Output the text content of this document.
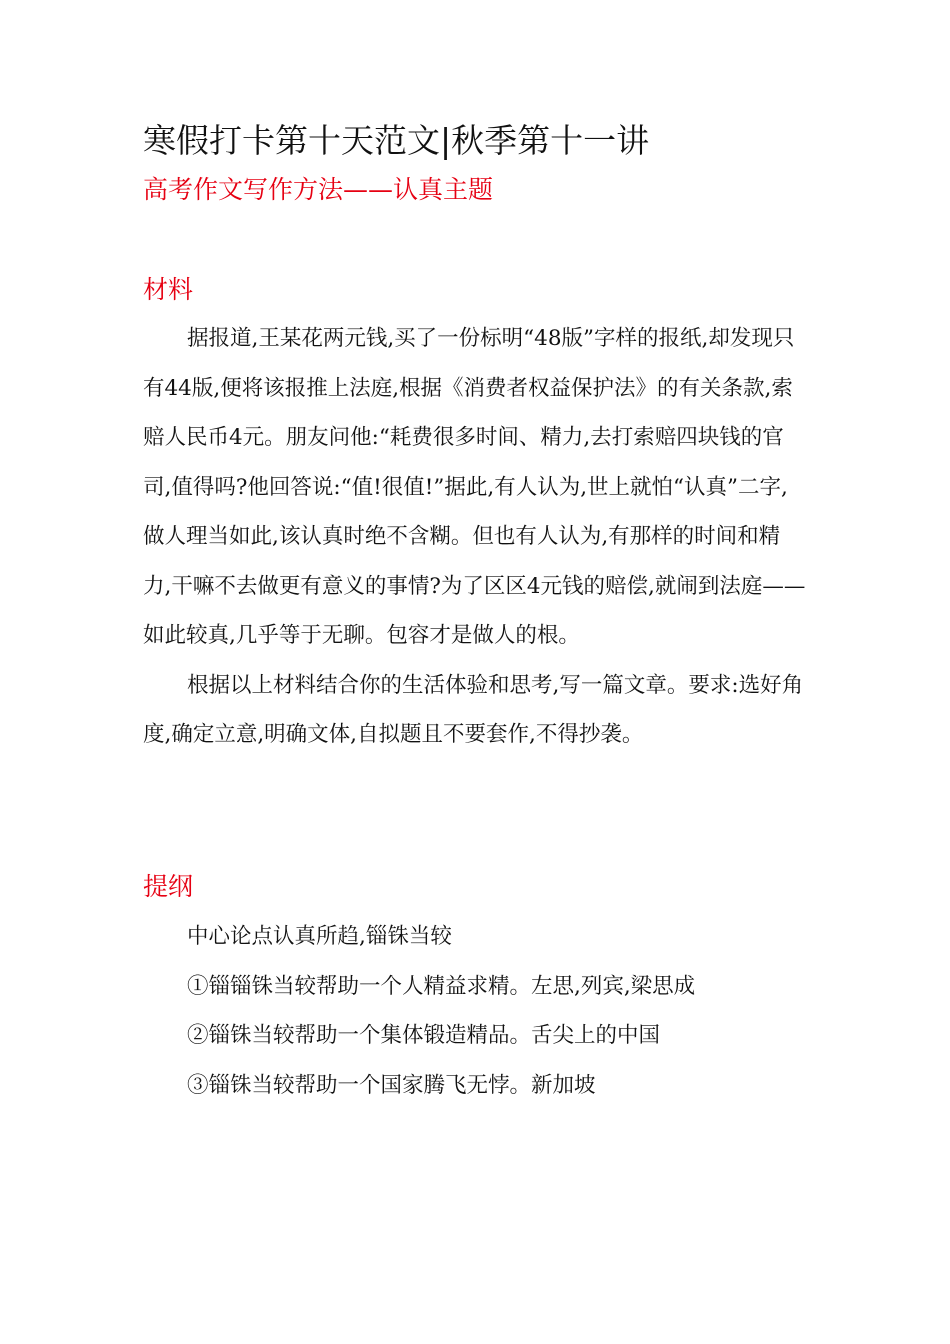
寒假打卡第十天范文|秋季第十一讲
高考作文写作方法——认真主题
材料

据报道,王某花两元钱,买了一份标明“48版”字样的报纸,却发现只有44版,便将该报推上法庭,根据《消费者权益保护法》的有关条款,索赔人民币4元。朋友问他:“耗费很多时间、精力,去打索赔四块钱的官司,值得吗?他回答说:“值!很值!”据此,有人认为,世上就怕“认真”二字,做人理当如此,该认真时绝不含糊。但也有人认为,有那样的时间和精力,干嘛不去做更有意义的事情?为了区区4元钱的赔偿,就闹到法庭——如此较真,几乎等于无聊。包容才是做人的根。

根据以上材料结合你的生活体验和思考,写一篇文章。要求:选好角度,确定立意,明确文体,自拟题且不要套作,不得抄袭。

提纲
中心论点认真所趋,锱铢当较
①锱锱铢当较帮助一个人精益求精。左思,列宾,梁思成
②锱铢当较帮助一个集体锻造精品。舌尖上的中国
③锱铢当较帮助一个国家腾飞无悖。新加坡
